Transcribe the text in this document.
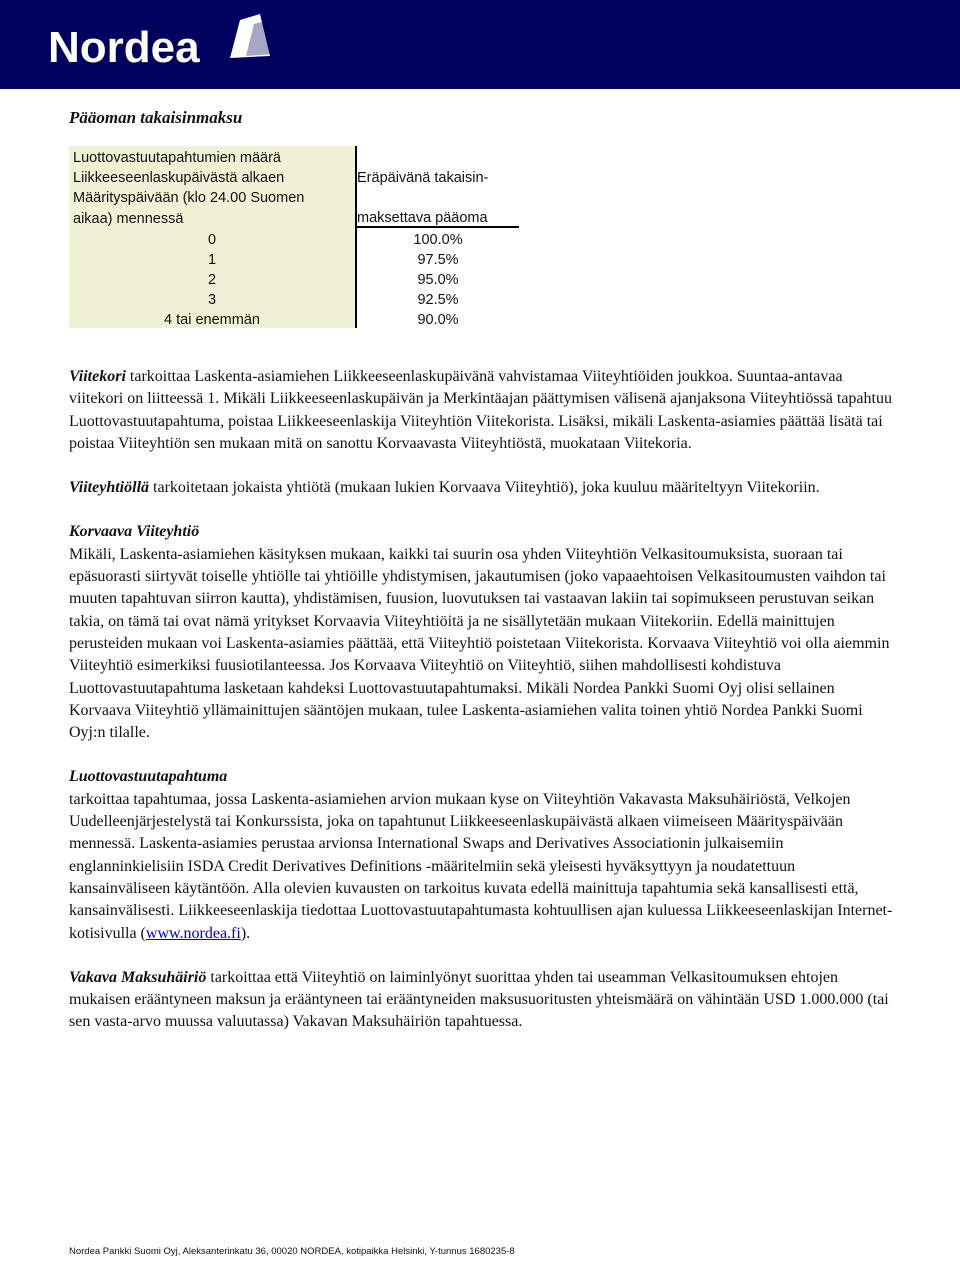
Nordea

Pääoman takaisinmaksu

Luottovastuutapahtumien määrä	
Liikkeeseenlaskupäivästä alkaen	Eräpäivänä takaisin-
Määrityspäivään (klo 24.00 Suomen	
aikaa) mennessä	maksettava pääoma
0	100.0%
1	97.5%
2	95.0%
3	92.5%
4 tai enemmän	90.0%

Viitekori tarkoittaa Laskenta-asiamiehen Liikkeeseenlaskupäivänä vahvistamaa Viiteyhtiöiden joukkoa. Suuntaa-antavaa viitekori on liitteessä 1. Mikäli Liikkeeseenlaskupäivän ja Merkintäajan päättymisen välisenä ajanjaksona Viiteyhtiössä tapahtuu Luottovastuutapahtuma, poistaa Liikkeeseenlaskija Viiteyhtiön Viitekorista. Lisäksi, mikäli Laskenta-asiamies päättää lisätä tai poistaa Viiteyhtiön sen mukaan mitä on sanottu Korvaavasta Viiteyhtiöstä, muokataan Viitekoria.

Viiteyhtiöllä tarkoitetaan jokaista yhtiötä (mukaan lukien Korvaava Viiteyhtiö), joka kuuluu määriteltyyn Viitekoriin.

Korvaava Viiteyhtiö
Mikäli, Laskenta-asiamiehen käsityksen mukaan, kaikki tai suurin osa yhden Viiteyhtiön Velkasitoumuksista, suoraan tai epäsuorasti siirtyvät toiselle yhtiölle tai yhtiöille yhdistymisen, jakautumisen (joko vapaaehtoisen Velkasitoumusten vaihdon tai muuten tapahtuvan siirron kautta), yhdistämisen, fuusion, luovutuksen tai vastaavan lakiin tai sopimukseen perustuvan seikan takia, on tämä tai ovat nämä yritykset Korvaavia Viiteyhtiöitä ja ne sisällytetään mukaan Viitekoriin. Edellä mainittujen perusteiden mukaan voi Laskenta-asiamies päättää, että Viiteyhtiö poistetaan Viitekorista. Korvaava Viiteyhtiö voi olla aiemmin Viiteyhtiö esimerkiksi fuusiotilanteessa. Jos Korvaava Viiteyhtiö on Viiteyhtiö, siihen mahdollisesti kohdistuva Luottovastuutapahtuma lasketaan kahdeksi Luottovastuutapahtumaksi. Mikäli Nordea Pankki Suomi Oyj olisi sellainen Korvaava Viiteyhtiö yllämainittujen sääntöjen mukaan, tulee Laskenta-asiamiehen valita toinen yhtiö Nordea Pankki Suomi Oyj:n tilalle.

Luottovastuutapahtuma
tarkoittaa tapahtumaa, jossa Laskenta-asiamiehen arvion mukaan kyse on Viiteyhtiön Vakavasta Maksuhäiriöstä, Velkojen Uudelleenjärjestelystä tai Konkurssista, joka on tapahtunut Liikkeeseenlaskupäivästä alkaen viimeiseen Määrityspäivään mennessä. Laskenta-asiamies perustaa arvionsa International Swaps and Derivatives Associationin julkaisemiin englanninkielisiin ISDA Credit Derivatives Definitions -määritelmiin sekä yleisesti hyväksyttyyn ja noudatettuun kansainväliseen käytäntöön. Alla olevien kuvausten on tarkoitus kuvata edellä mainittuja tapahtumia sekä kansallisesti että, kansainvälisesti. Liikkeeseenlaskija tiedottaa Luottovastuutapahtumasta kohtuullisen ajan kuluessa Liikkeeseenlaskijan Internet-kotisivulla (www.nordea.fi).

Vakava Maksuhäiriö tarkoittaa että Viiteyhtiö on laiminlyönyt suorittaa yhden tai useamman Velkasitoumuksen ehtojen mukaisen erääntyneen maksun ja erääntyneen tai erääntyneiden maksusuoritusten yhteismäärä on vähintään USD 1.000.000 (tai sen vasta-arvo muussa valuutassa) Vakavan Maksuhäiriön tapahtuessa.

Nordea Pankki Suomi Oyj, Aleksanterinkatu 36, 00020 NORDEA, kotipaikka Helsinki, Y-tunnus 1680235-8
